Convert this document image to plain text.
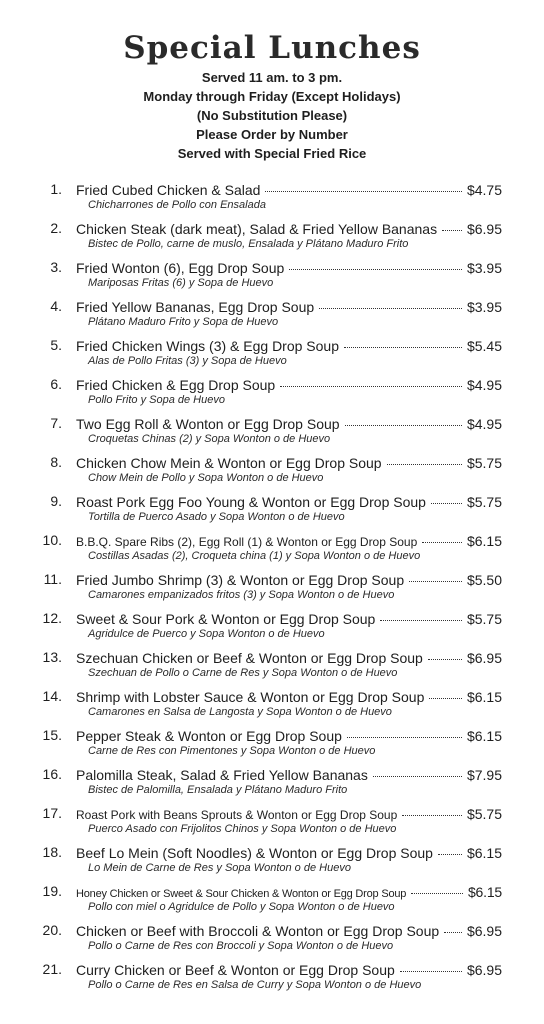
Special Lunches
Served 11 am. to 3 pm.
Monday through Friday (Except Holidays)
(No Substitution Please)
Please Order by Number
Served with Special Fried Rice
1. Fried Cubed Chicken & Salad	$4.75
Chicharrones de Pollo con Ensalada
2. Chicken Steak (dark meat), Salad & Fried Yellow Bananas $6.95
Bistec de Pollo, carne de muslo, Ensalada y Plátano Maduro Frito
3. Fried Wonton (6), Egg Drop Soup	$3.95
Mariposas Fritas (6) y Sopa de Huevo
4. Fried Yellow Bananas, Egg Drop Soup	$3.95
Plátano Maduro Frito y Sopa de Huevo
5. Fried Chicken Wings (3) & Egg Drop Soup	$5.45
Alas de Pollo Fritas (3) y Sopa de Huevo
6. Fried Chicken & Egg Drop Soup	$4.95
Pollo Frito y Sopa de Huevo
7. Two Egg Roll & Wonton or Egg Drop Soup	$4.95
Croquetas Chinas (2) y Sopa Wonton o de Huevo
8. Chicken Chow Mein & Wonton or Egg Drop Soup	$5.75
Chow Mein de Pollo y Sopa Wonton o de Huevo
9. Roast Pork Egg Foo Young & Wonton or Egg Drop Soup	$5.75
Tortilla de Puerco Asado y Sopa Wonton o de Huevo
10. B.B.Q. Spare Ribs (2), Egg Roll (1) & Wonton or Egg Drop Soup	$6.15
Costillas Asadas (2), Croqueta china (1) y Sopa Wonton o de Huevo
11. Fried Jumbo Shrimp (3) & Wonton or Egg Drop Soup	$5.50
Camarones empanizados fritos (3) y Sopa Wonton o de Huevo
12. Sweet & Sour Pork & Wonton or Egg Drop Soup	$5.75
Agridulce de Puerco y Sopa Wonton o de Huevo
13. Szechuan Chicken or Beef & Wonton or Egg Drop Soup	$6.95
Szechuan de Pollo o Carne de Res y Sopa Wonton o de Huevo
14. Shrimp with Lobster Sauce & Wonton or Egg Drop Soup	$6.15
Camarones en Salsa de Langosta y Sopa Wonton o de Huevo
15. Pepper Steak & Wonton or Egg Drop Soup	$6.15
Carne de Res con Pimentones y Sopa Wonton o de Huevo
16. Palomilla Steak, Salad & Fried Yellow Bananas	$7.95
Bistec de Palomilla, Ensalada y Plátano Maduro Frito
17. Roast Pork with Beans Sprouts & Wonton or Egg Drop Soup	$5.75
Puerco Asado con Frijolitos Chinos y Sopa Wonton o de Huevo
18. Beef Lo Mein (Soft Noodles) & Wonton or Egg Drop Soup $6.15
Lo Mein de Carne de Res y Sopa Wonton o de Huevo
19. Honey Chicken or Sweet & Sour Chicken & Wonton or Egg Drop Soup	$6.15
Pollo con miel o Agridulce de Pollo y Sopa Wonton o de Huevo
20. Chicken or Beef with Broccoli & Wonton or Egg Drop Soup $6.95
Pollo o Carne de Res con Broccoli y Sopa Wonton o de Huevo
21. Curry Chicken or Beef & Wonton or Egg Drop Soup	$6.95
Pollo o Carne de Res en Salsa de Curry y Sopa Wonton o de Huevo
